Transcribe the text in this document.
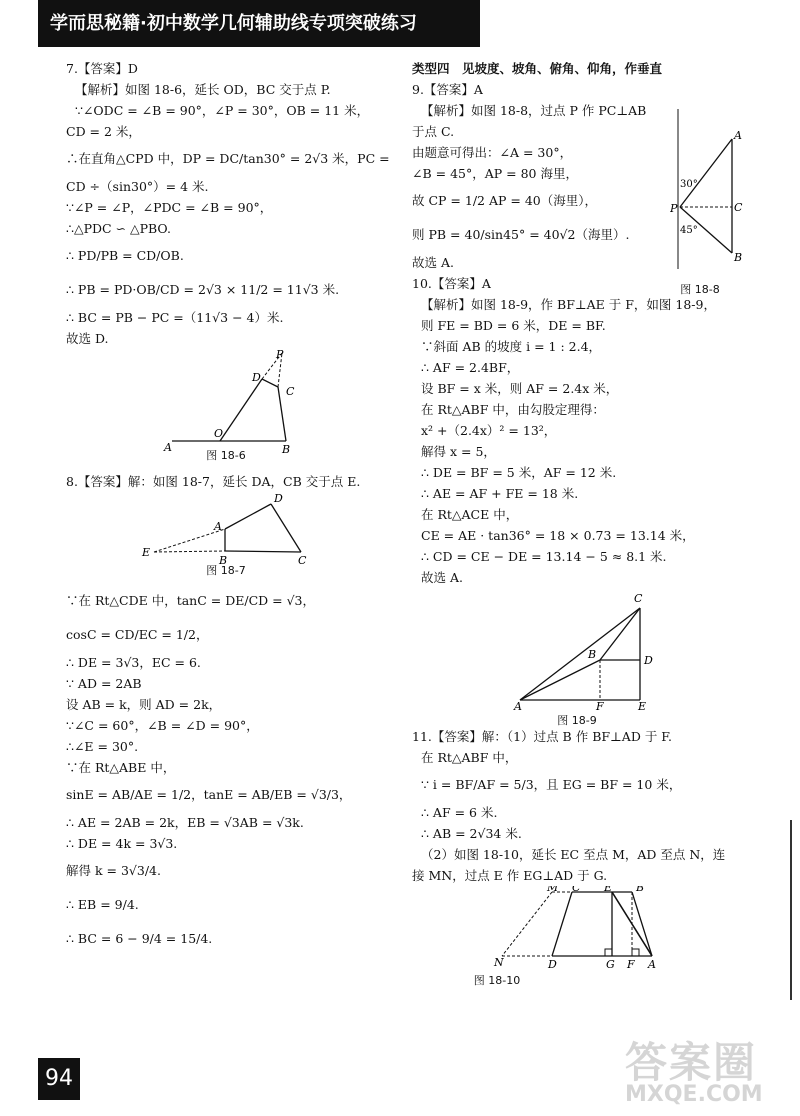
学而思秘籍·初中数学几何辅助线专项突破练习
7.【答案】D
【解析】如图 18-6，延长 OD，BC 交于点 P.
∵∠ODC = ∠B = 90°，∠P = 30°，OB = 11 米，
CD = 2 米，
∴在直角△CPD 中，DP = DC/tan30° = 2√3 米，PC =
CD ÷（sin30°）= 4 米.
∵∠P = ∠P，∠PDC = ∠B = 90°，
∴△PDC ∽ △PBO.
∴ PD/PB = CD/OB.
∴ PB = PD·OB/CD = 2√3 × 11/2 = 11√3 米.
∴ BC = PB − PC =（11√3 − 4）米.
故选 D.
P
D
C
O
A	B
图 18-6
8.【答案】解：如图 18-7，延长 DA，CB 交于点 E.
D
A
E
B	C
图 18-7
∵在 Rt△CDE 中，tanC = DE/CD = √3，
cosC = CD/EC = 1/2，
∴ DE = 3√3，EC = 6.
∵ AD = 2AB
设 AB = k，则 AD = 2k，
∵∠C = 60°，∠B = ∠D = 90°，
∴∠E = 30°.
∵在 Rt△ABE 中，
sinE = AB/AE = 1/2，tanE = AB/EB = √3/3，
∴ AE = 2AB = 2k，EB = √3AB = √3k.
∴ DE = 4k = 3√3.
解得 k = 3√3/4.
∴ EB = 9/4.
∴ BC = 6 − 9/4 = 15/4.
类型四　见坡度、坡角、俯角、仰角，作垂直
9.【答案】A
【解析】如图 18-8，过点 P 作 PC⊥AB
于点 C.
由题意可得出：∠A = 30°，
∠B = 45°，AP = 80 海里，
故 CP = 1/2 AP = 40（海里），
则 PB = 40/sin45° = 40√2（海里）.
故选 A.
A
P	C
B
30°
45°
图 18-8
10.【答案】A
【解析】如图 18-9，作 BF⊥AE 于 F，如图 18-9，
则 FE = BD = 6 米，DE = BF.
∵斜面 AB 的坡度 i = 1 : 2.4，
∴ AF = 2.4BF，
设 BF = x 米，则 AF = 2.4x 米，
在 Rt△ABF 中，由勾股定理得：
x² +（2.4x）² = 13²，
解得 x = 5，
∴ DE = BF = 5 米，AF = 12 米.
∴ AE = AF + FE = 18 米.
在 Rt△ACE 中，
CE = AE · tan36° = 18 × 0.73 = 13.14 米，
∴ CD = CE − DE = 13.14 − 5 ≈ 8.1 米.
故选 A.
C
B	D
A	F	E
图 18-9
11.【答案】解：（1）过点 B 作 BF⊥AD 于 F.
在 Rt△ABF 中，
∵ i = BF/AF = 5/3，且 EG = BF = 10 米，
∴ AF = 6 米.
∴ AB = 2√34 米.
（2）如图 18-10，延长 EC 至点 M，AD 至点 N，连
接 MN，过点 E 作 EG⊥AD 于 G.
M C E B
N	D	G F A
图 18-10
94	答案圈
MXQE.COM
